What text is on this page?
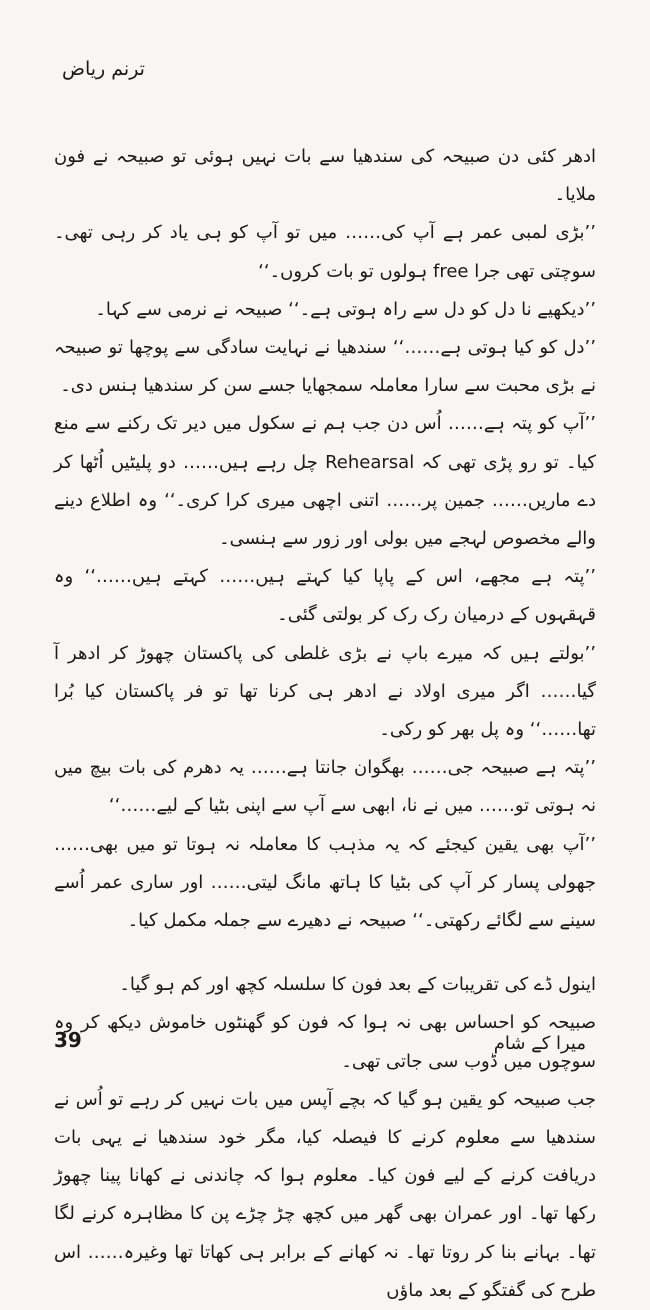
ترنم ریاض

ادھر کئی دن صبیحہ کی سندھیا سے بات نہیں ہوئی تو صبیحہ نے فون ملایا۔

’’بڑی لمبی عمر ہے آپ کی…… میں تو آپ کو ہی یاد کر رہی تھی۔ سوچتی تھی جرا free ہولوں تو بات کروں۔‘‘

’’دیکھیے نا دل کو دل سے راہ ہوتی ہے۔‘‘ صبیحہ نے نرمی سے کہا۔

’’دل کو کیا ہوتی ہے……‘‘ سندھیا نے نہایت سادگی سے پوچھا تو صبیحہ نے بڑی محبت سے سارا معاملہ سمجھایا جسے سن کر سندھیا ہنس دی۔

’’آپ کو پتہ ہے…… اُس دن جب ہم نے سکول میں دیر تک رکنے سے منع کیا۔ تو رو پڑی تھی کہ Rehearsal چل رہے ہیں…… دو پلیٹیں اُٹھا کر دے ماریں…… جمین پر…… اتنی اچھی میری کرا کری۔‘‘ وہ اطلاع دینے والے مخصوص لہجے میں بولی اور زور سے ہنسی۔

’’پتہ ہے مجھے، اس کے پاپا کیا کہتے ہیں…… کہتے ہیں……‘‘ وہ قہقہوں کے درمیان رک رک کر بولتی گئی۔

’’بولتے ہیں کہ میرے باپ نے بڑی غلطی کی پاکستان چھوڑ کر ادھر آ گیا…… اگر میری اولاد نے ادھر ہی کرنا تھا تو فر پاکستان کیا بُرا تھا……‘‘ وہ پل بھر کو رکی۔

’’پتہ ہے صبیحہ جی…… بھگوان جانتا ہے…… یہ دھرم کی بات بیچ میں نہ ہوتی تو…… میں نے نا، ابھی سے آپ سے اپنی بٹیا کے لیے……‘‘

’’آپ بھی یقین کیجئے کہ یہ مذہب کا معاملہ نہ ہوتا تو میں بھی…… جھولی پسار کر آپ کی بٹیا کا ہاتھ مانگ لیتی…… اور ساری عمر اُسے سینے سے لگائے رکھتی۔‘‘ صبیحہ نے دھیرے سے جملہ مکمل کیا۔

اینول ڈے کی تقریبات کے بعد فون کا سلسلہ کچھ اور کم ہو گیا۔

صبیحہ کو احساس بھی نہ ہوا کہ فون کو گھنٹوں خاموش دیکھ کر وہ سوچوں میں ڈوب سی جاتی تھی۔

جب صبیحہ کو یقین ہو گیا کہ بچے آپس میں بات نہیں کر رہے تو اُس نے سندھیا سے معلوم کرنے کا فیصلہ کیا، مگر خود سندھیا نے یہی بات دریافت کرنے کے لیے فون کیا۔ معلوم ہوا کہ چاندنی نے کھانا پینا چھوڑ رکھا تھا۔ اور عمران بھی گھر میں کچھ چڑ چڑے پن کا مظاہرہ کرنے لگا تھا۔ بہانے بنا کر روتا تھا۔ نہ کھانے کے برابر ہی کھاتا تھا وغیرہ…… اس طرح کی گفتگو کے بعد ماؤں

39	میرا کے شام
